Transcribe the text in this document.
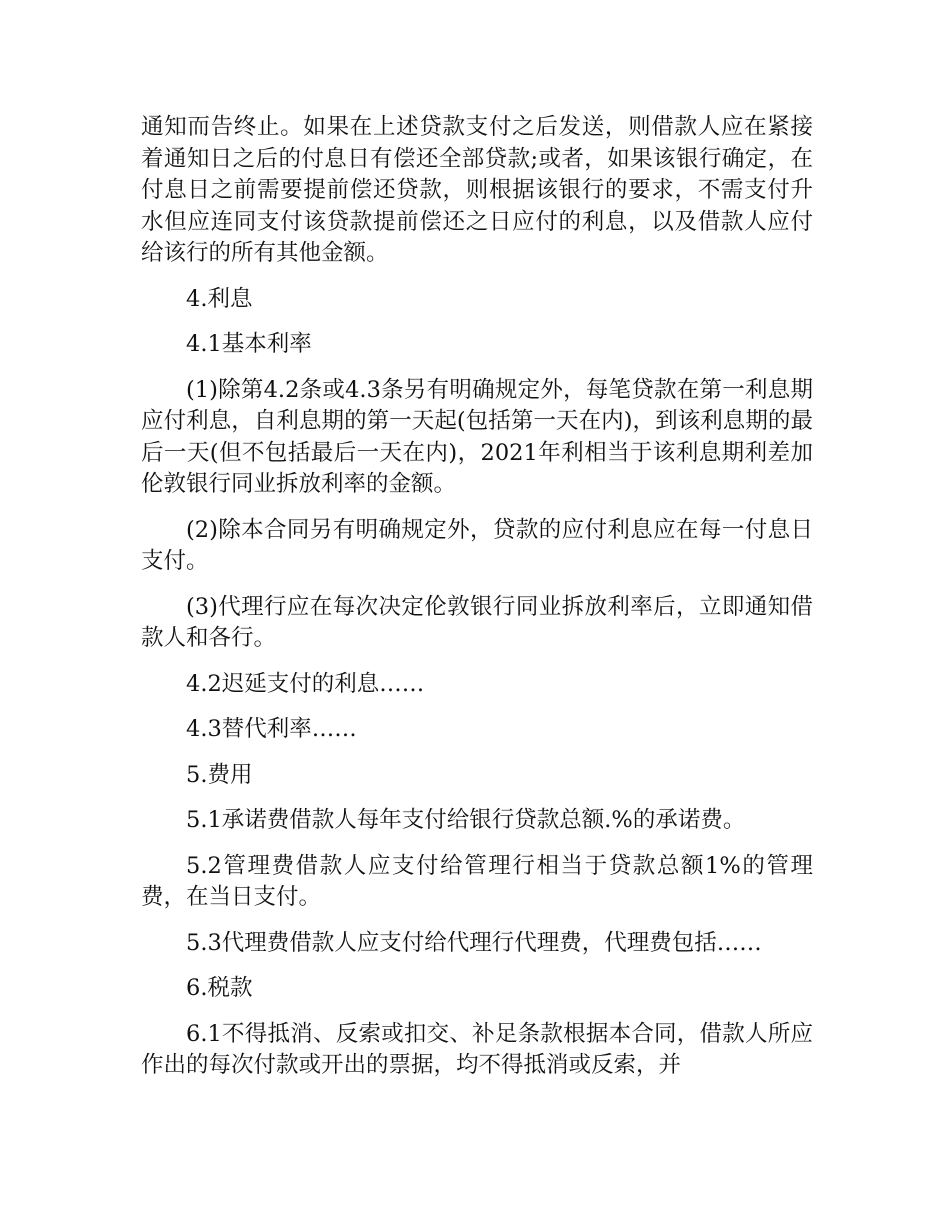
通知而告终止。如果在上述贷款支付之后发送，则借款人应在紧接着通知日之后的付息日有偿还全部贷款;或者，如果该银行确定，在付息日之前需要提前偿还贷款，则根据该银行的要求，不需支付升水但应连同支付该贷款提前偿还之日应付的利息，以及借款人应付给该行的所有其他金额。

4.利息

4.1基本利率

(1)除第4.2条或4.3条另有明确规定外，每笔贷款在第一利息期应付利息，自利息期的第一天起(包括第一天在内)，到该利息期的最后一天(但不包括最后一天在内)，2021年利相当于该利息期利差加伦敦银行同业拆放利率的金额。

(2)除本合同另有明确规定外，贷款的应付利息应在每一付息日支付。

(3)代理行应在每次决定伦敦银行同业拆放利率后，立即通知借款人和各行。

4.2迟延支付的利息……

4.3替代利率……

5.费用

5.1承诺费借款人每年支付给银行贷款总额.%的承诺费。

5.2管理费借款人应支付给管理行相当于贷款总额1%的管理费，在当日支付。

5.3代理费借款人应支付给代理行代理费，代理费包括……

6.税款

6.1不得抵消、反索或扣交、补足条款根据本合同，借款人所应作出的每次付款或开出的票据，均不得抵消或反索，并
